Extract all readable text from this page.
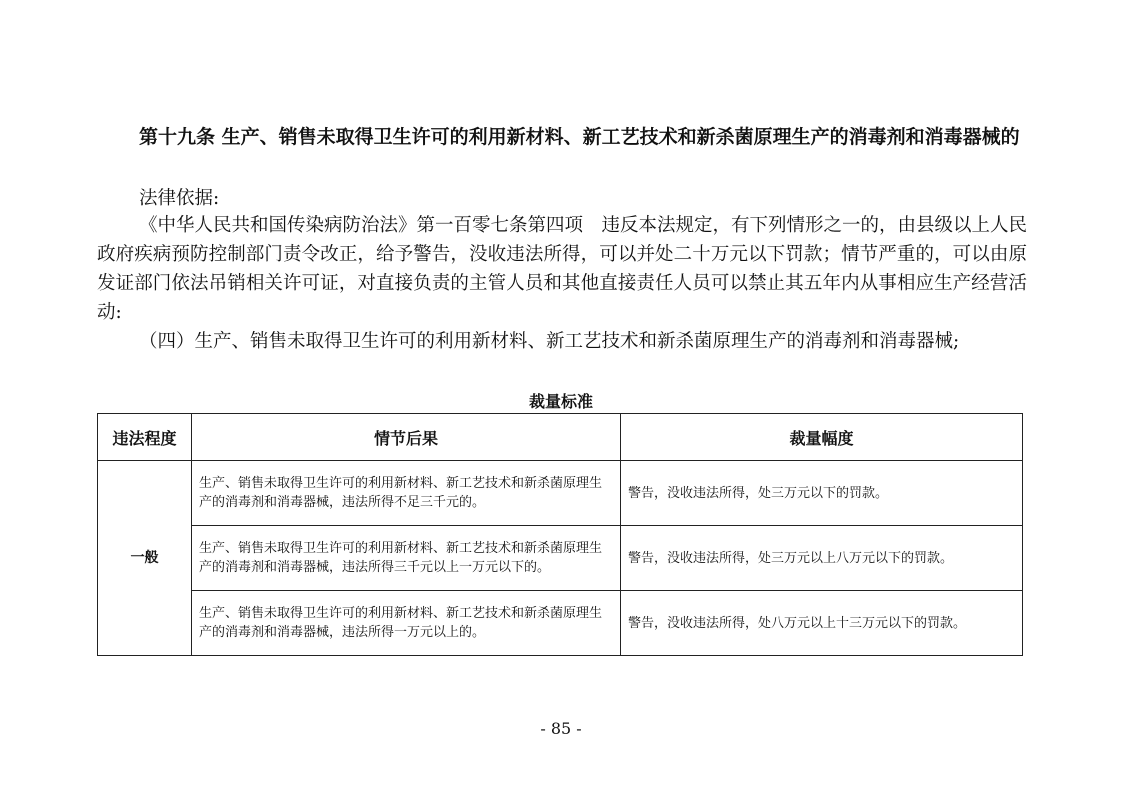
第十九条 生产、销售未取得卫生许可的利用新材料、新工艺技术和新杀菌原理生产的消毒剂和消毒器械的

法律依据:

《中华人民共和国传染病防治法》第一百零七条第四项　违反本法规定，有下列情形之一的，由县级以上人民政府疾病预防控制部门责令改正，给予警告，没收违法所得，可以并处二十万元以下罚款；情节严重的，可以由原发证部门依法吊销相关许可证，对直接负责的主管人员和其他直接责任人员可以禁止其五年内从事相应生产经营活动:

（四）生产、销售未取得卫生许可的利用新材料、新工艺技术和新杀菌原理生产的消毒剂和消毒器械;

裁量标准
违法程度	情节后果	裁量幅度
一般	生产、销售未取得卫生许可的利用新材料、新工艺技术和新杀菌原理生产的消毒剂和消毒器械，违法所得不足三千元的。	警告，没收违法所得，处三万元以下的罚款。
	生产、销售未取得卫生许可的利用新材料、新工艺技术和新杀菌原理生产的消毒剂和消毒器械，违法所得三千元以上一万元以下的。	警告，没收违法所得，处三万元以上八万元以下的罚款。
	生产、销售未取得卫生许可的利用新材料、新工艺技术和新杀菌原理生产的消毒剂和消毒器械，违法所得一万元以上的。	警告，没收违法所得，处八万元以上十三万元以下的罚款。
- 85 -
